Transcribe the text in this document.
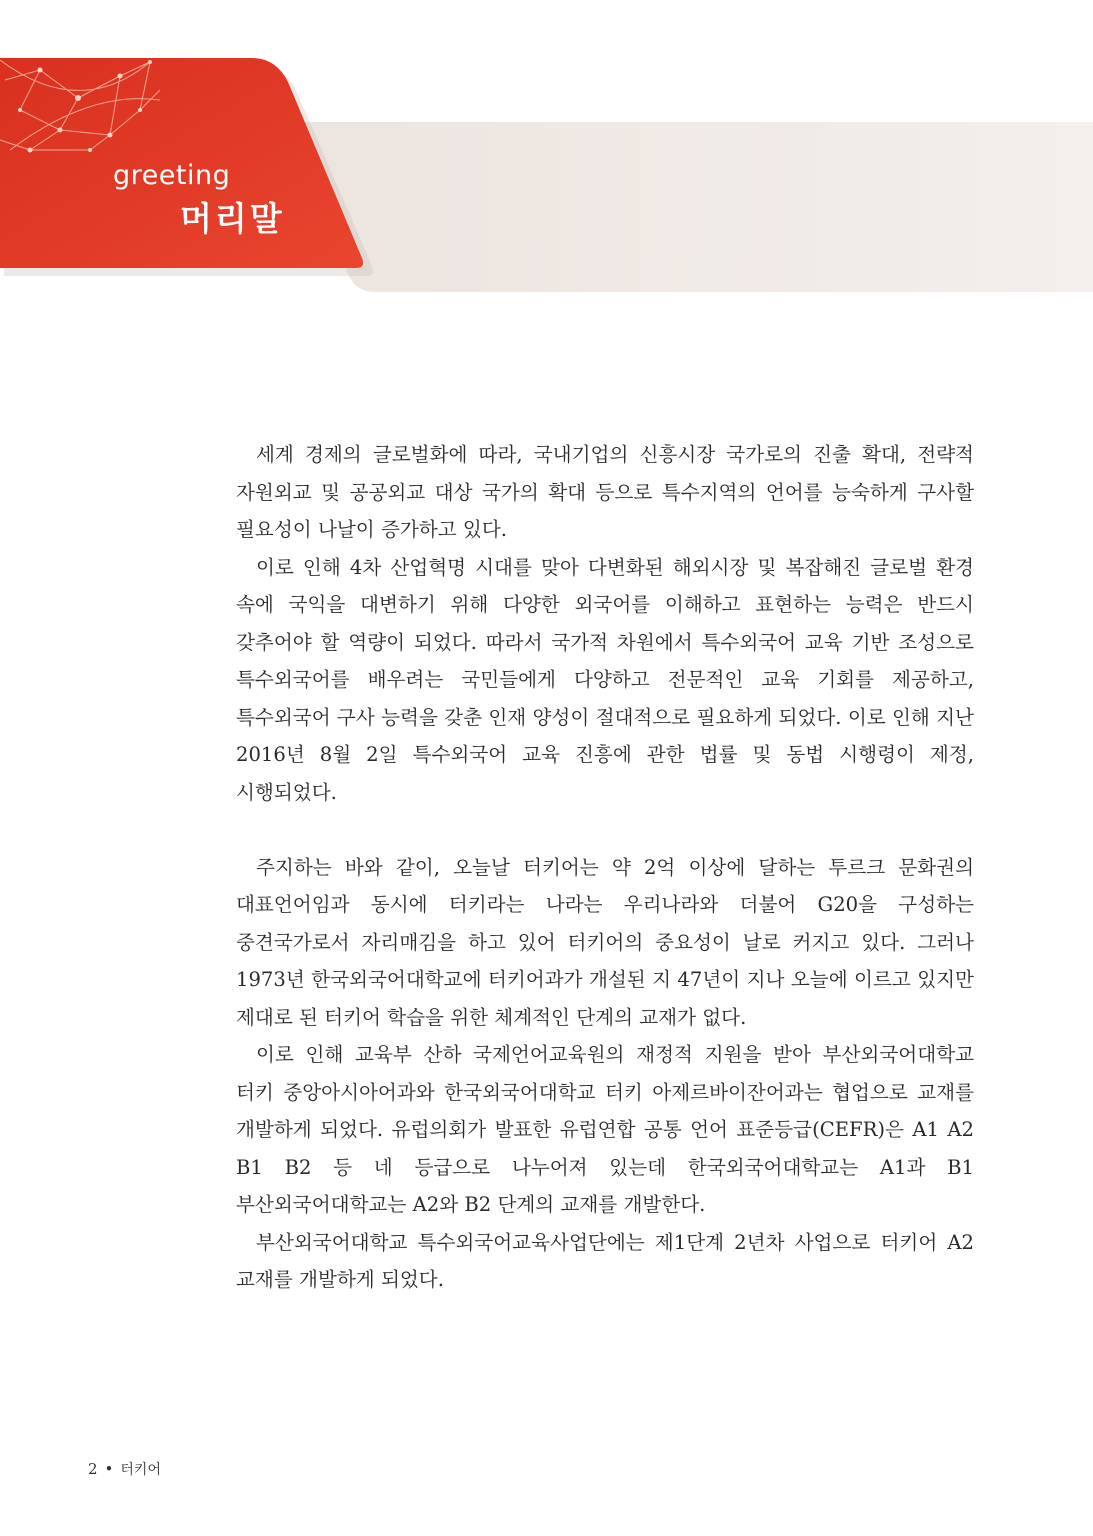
greeting
머리말

세계 경제의 글로벌화에 따라, 국내기업의 신흥시장 국가로의 진출 확대, 전략적 자원외교 및 공공외교 대상 국가의 확대 등으로 특수지역의 언어를 능숙하게 구사할 필요성이 나날이 증가하고 있다.

이로 인해 4차 산업혁명 시대를 맞아 다변화된 해외시장 및 복잡해진 글로벌 환경 속에 국익을 대변하기 위해 다양한 외국어를 이해하고 표현하는 능력은 반드시 갖추어야 할 역량이 되었다. 따라서 국가적 차원에서 특수외국어 교육 기반 조성으로 특수외국어를 배우려는 국민들에게 다양하고 전문적인 교육 기회를 제공하고, 특수외국어 구사 능력을 갖춘 인재 양성이 절대적으로 필요하게 되었다. 이로 인해 지난 2016년 8월 2일 특수외국어 교육 진흥에 관한 법률 및 동법 시행령이 제정, 시행되었다.

주지하는 바와 같이, 오늘날 터키어는 약 2억 이상에 달하는 투르크 문화권의 대표언어임과 동시에 터키라는 나라는 우리나라와 더불어 G20을 구성하는 중견국가로서 자리매김을 하고 있어 터키어의 중요성이 날로 커지고 있다. 그러나 1973년 한국외국어대학교에 터키어과가 개설된 지 47년이 지나 오늘에 이르고 있지만 제대로 된 터키어 학습을 위한 체계적인 단계의 교재가 없다.

이로 인해 교육부 산하 국제언어교육원의 재정적 지원을 받아 부산외국어대학교 터키 중앙아시아어과와 한국외국어대학교 터키 아제르바이잔어과는 협업으로 교재를 개발하게 되었다. 유럽의회가 발표한 유럽연합 공통 언어 표준등급(CEFR)은 A1 A2 B1 B2 등 네 등급으로 나누어져 있는데 한국외국어대학교는 A1과 B1 부산외국어대학교는 A2와 B2 단계의 교재를 개발한다.

부산외국어대학교 특수외국어교육사업단에는 제1단계 2년차 사업으로 터키어 A2 교재를 개발하게 되었다.

2 • 터키어
